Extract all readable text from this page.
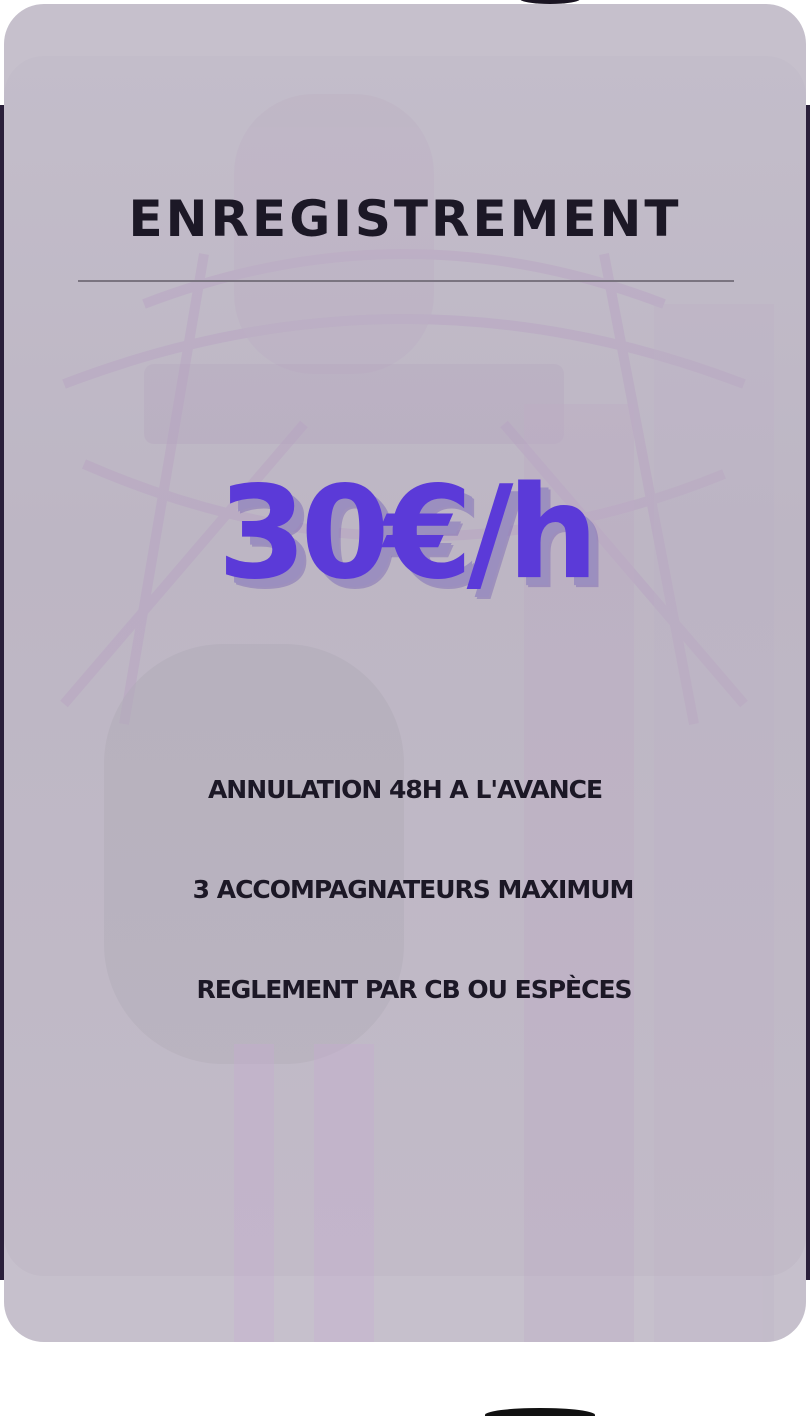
ENREGISTREMENT
30€/h
ANNULATION 48H A L'AVANCE
3 ACCOMPAGNATEURS MAXIMUM
REGLEMENT PAR CB OU ESPÈCES
